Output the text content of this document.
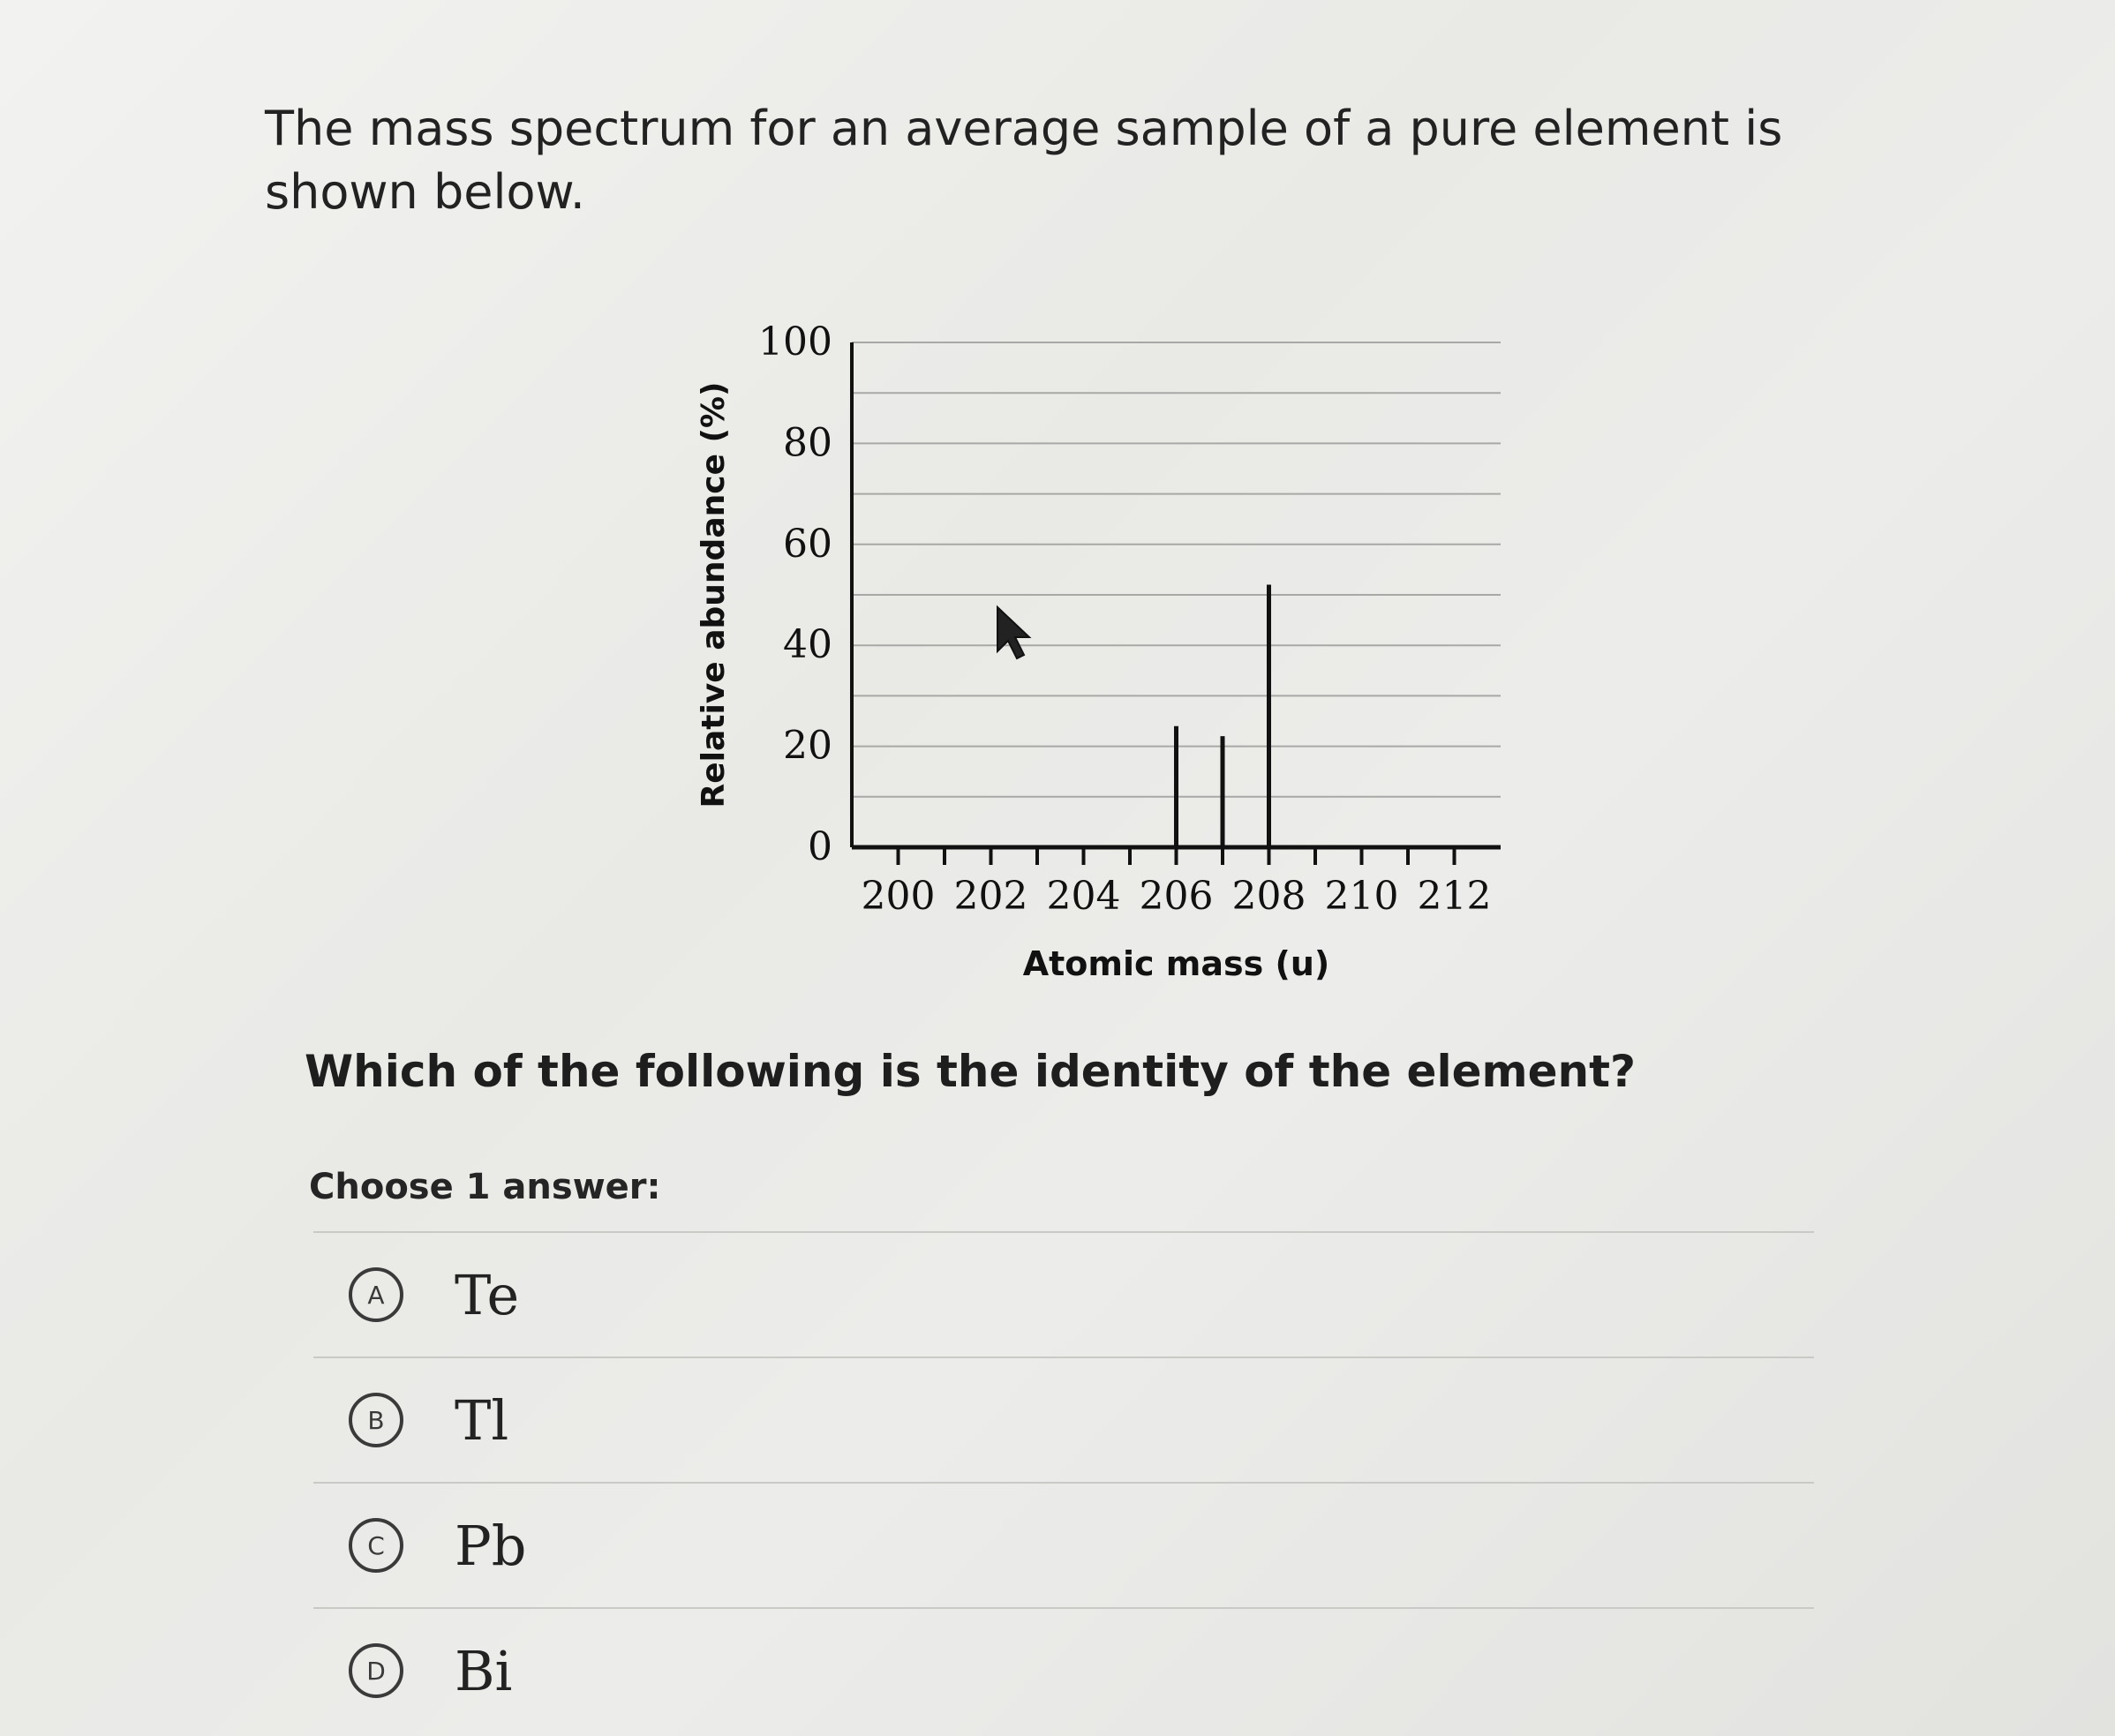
The mass spectrum for an average sample of a pure element is shown below.
0
20
40
60
80
100
200 202 204 206 208 210 212
Relative abundance (%)
Atomic mass (u)
Which of the following is the identity of the element?
Choose 1 answer:
A	Te
B	Tl
C	Pb
D	Bi
